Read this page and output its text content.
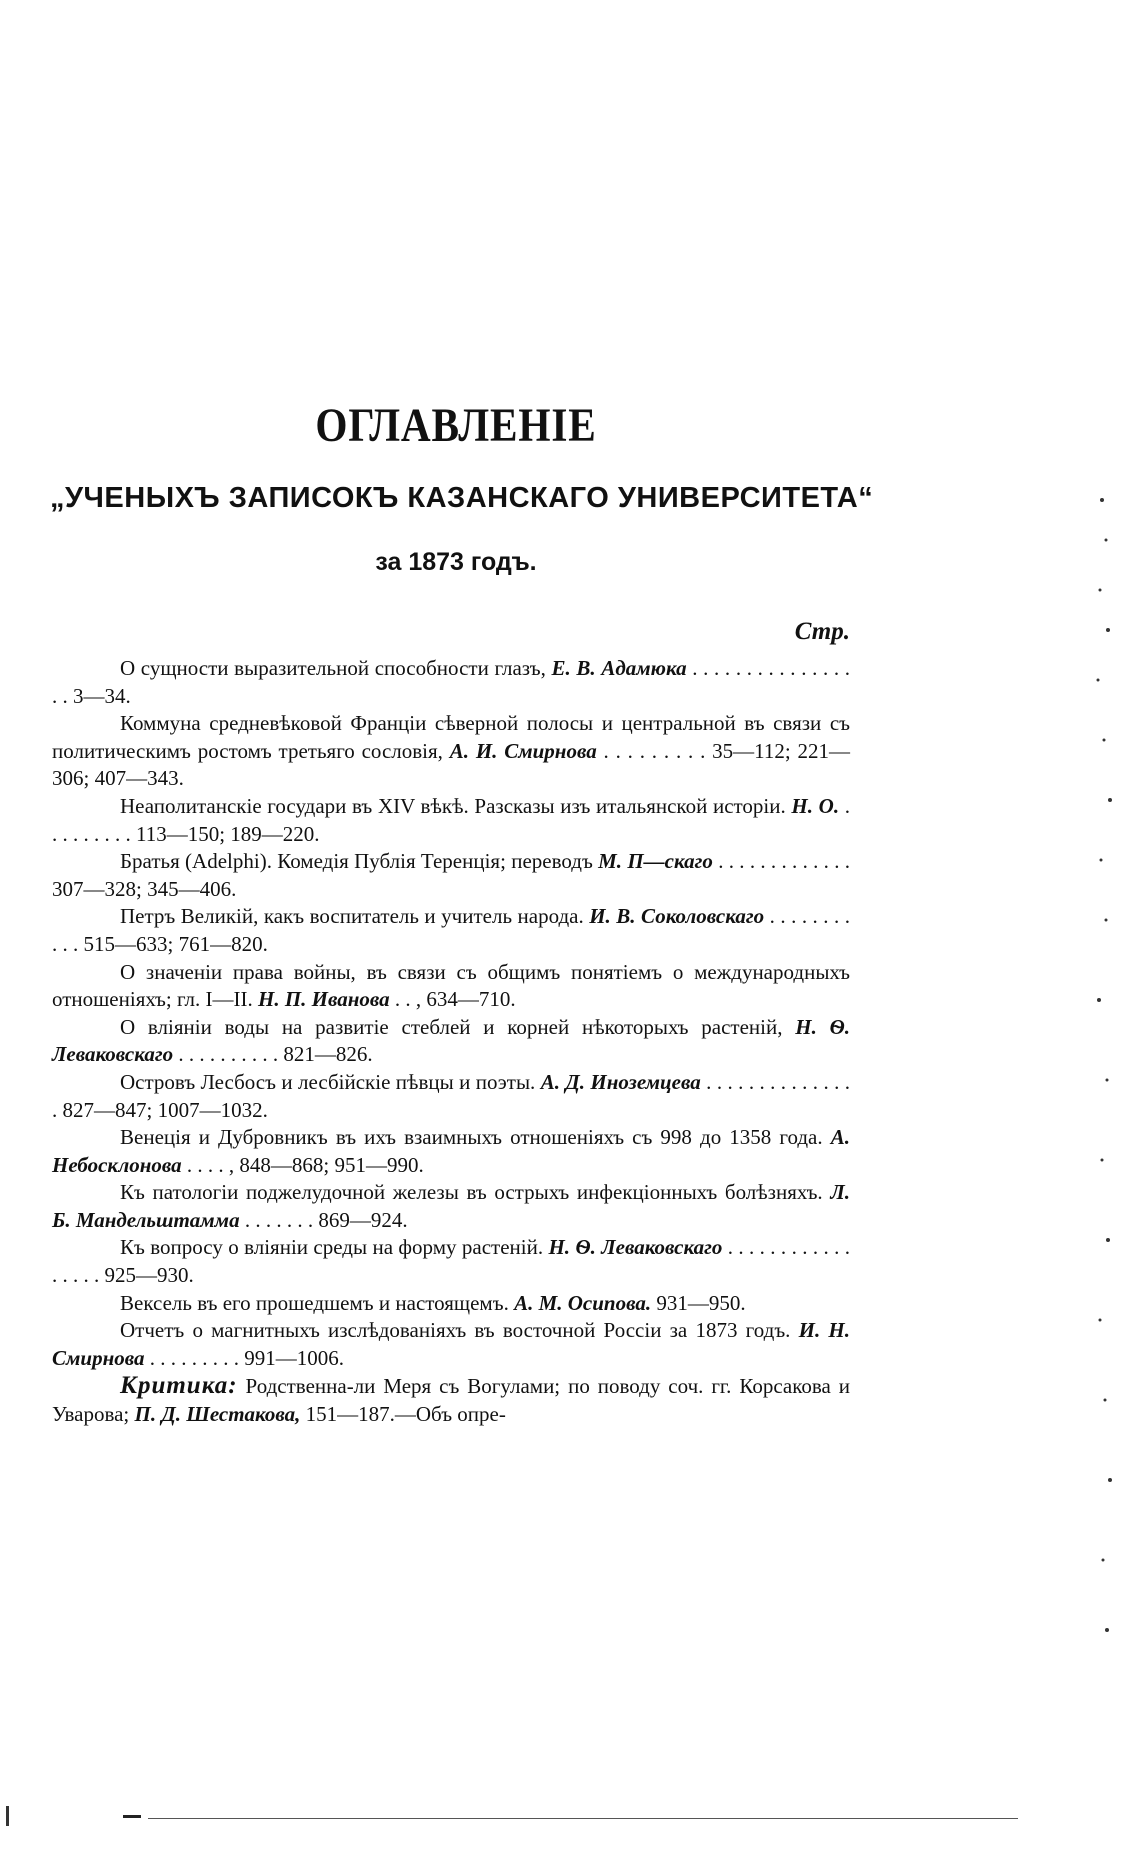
ОГЛАВЛЕНIЕ
„УЧЕНЫХЪ ЗАПИСОКЪ КАЗАНСКАГО УНИВЕРСИТЕТА“
за 1873 годъ.
Стр.

О сущности выразительной способности глазъ, Е. В. Адамюка . . . . . . . . . . . . . . . . . 3—34.

Коммуна средневѣковой Франціи сѣверной полосы и центральной въ связи съ политическимъ ростомъ третьяго сословія, А. И. Смирнова . . . . . . . . . 35—112; 221—306; 407—343.

Неаполитанскіе государи въ XIV вѣкѣ. Разсказы изъ итальянской исторіи. Н. О. . . . . . . . . . 113—150; 189—220.

Братья (Adelphi). Комедія Публія Теренція; переводъ М. П—скаго . . . . . . . . . . . . . 307—328; 345—406.

Петръ Великій, какъ воспитатель и учитель народа. И. В. Соколовскаго . . . . . . . . . . . 515—633; 761—820.

О значеніи права войны, въ связи съ общимъ понятіемъ о международныхъ отношеніяхъ; гл. I—II. Н. П. Иванова . . , 634—710.

О вліяніи воды на развитіе стеблей и корней нѣкоторыхъ растеній, Н. Ѳ. Леваковскаго . . . . . . . . . . 821—826.

Островъ Лесбосъ и лесбійскіе пѣвцы и поэты. А. Д. Иноземцева . . . . . . . . . . . . . . . 827—847; 1007—1032.

Венеція и Дубровникъ въ ихъ взаимныхъ отношеніяхъ съ 998 до 1358 года. А. Небосклонова . . . . , 848—868; 951—990.

Къ патологіи поджелудочной железы въ острыхъ инфекціонныхъ болѣзняхъ. Л. Б. Мандельштамма . . . . . . . 869—924.

Къ вопросу о вліяніи среды на форму растеній. Н. Ѳ. Леваковскаго . . . . . . . . . . . . . . . . . 925—930.

Вексель въ его прошедшемъ и настоящемъ. А. М. Осипова. 931—950.

Отчетъ о магнитныхъ изслѣдованіяхъ въ восточной Россіи за 1873 годъ. И. Н. Смирнова . . . . . . . . . 991—1006.

Критика: Родственна-ли Меря съ Вогулами; по поводу соч. гг. Корсакова и Уварова; П. Д. Шестакова, 151—187.—Объ опре-
